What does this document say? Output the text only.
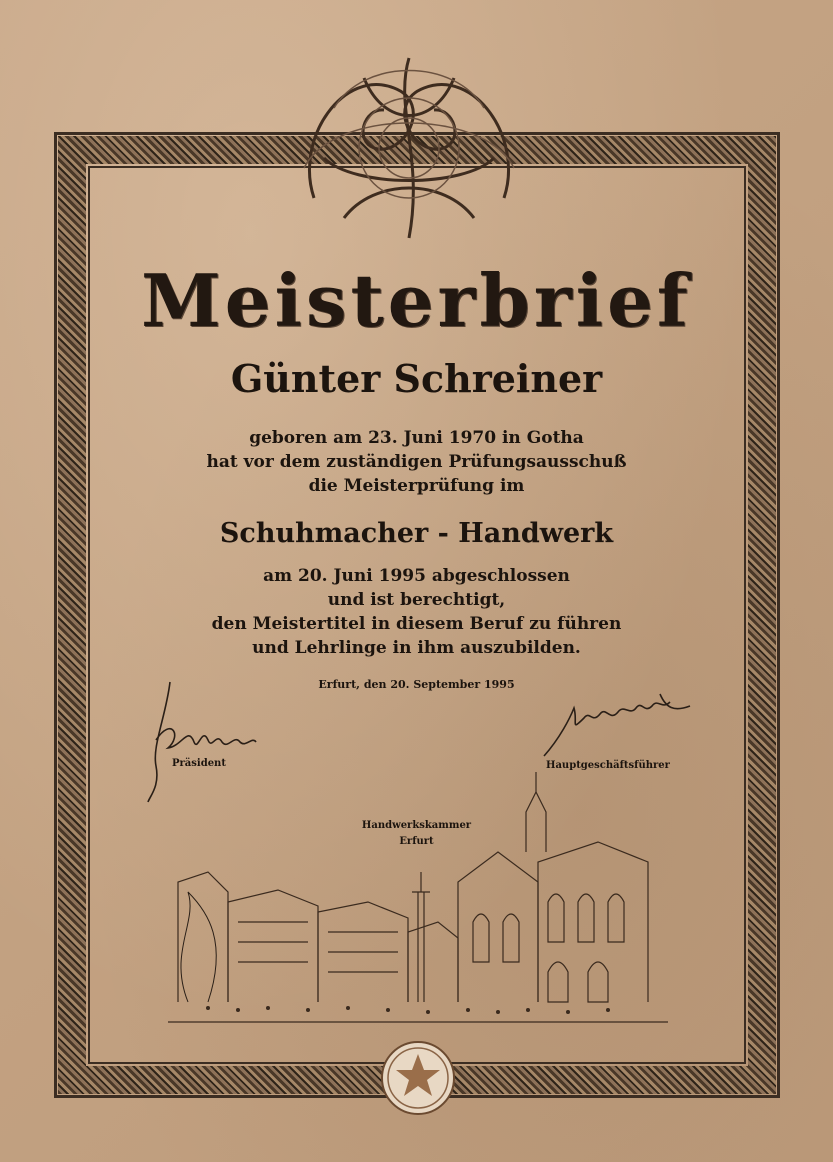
Meisterbrief
Günter Schreiner
geboren am 23. Juni 1970 in Gotha
hat vor dem zuständigen Prüfungsausschuß
die Meisterprüfung im
Schuhmacher - Handwerk
am 20. Juni 1995 abgeschlossen
und ist berechtigt,
den Meistertitel in diesem Beruf zu führen
und Lehrlinge in ihm auszubilden.
Erfurt, den 20. September 1995
Präsident	Hauptgeschäftsführer
Handwerkskammer
Erfurt
